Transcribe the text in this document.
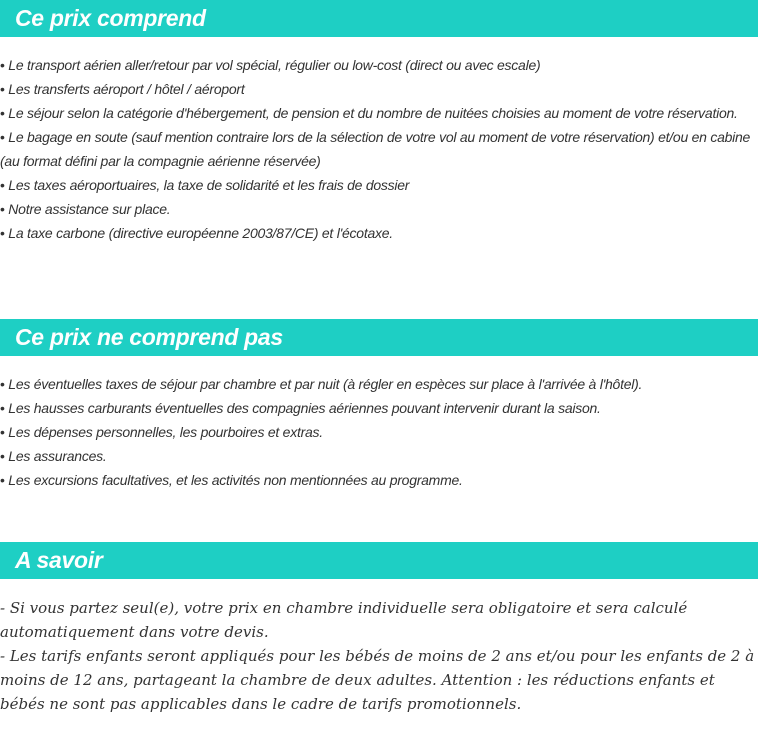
Ce prix comprend
• Le transport aérien aller/retour par vol spécial, régulier ou low-cost (direct ou avec escale)
• Les transferts aéroport / hôtel / aéroport
• Le séjour selon la catégorie d'hébergement, de pension et du nombre de nuitées choisies au moment de votre réservation.
• Le bagage en soute (sauf mention contraire lors de la sélection de votre vol au moment de votre réservation) et/ou en cabine (au format défini par la compagnie aérienne réservée)
• Les taxes aéroportuaires, la taxe de solidarité et les frais de dossier
• Notre assistance sur place.
• La taxe carbone (directive européenne 2003/87/CE) et l'écotaxe.
Ce prix ne comprend pas
• Les éventuelles taxes de séjour par chambre et par nuit (à régler en espèces sur place à l'arrivée à l'hôtel).
• Les hausses carburants éventuelles des compagnies aériennes pouvant intervenir durant la saison.
• Les dépenses personnelles, les pourboires et extras.
• Les assurances.
• Les excursions facultatives, et les activités non mentionnées au programme.
A savoir

- Si vous partez seul(e), votre prix en chambre individuelle sera obligatoire et sera calculé automatiquement dans votre devis.

- Les tarifs enfants seront appliqués pour les bébés de moins de 2 ans et/ou pour les enfants de 2 à moins de 12 ans, partageant la chambre de deux adultes. Attention : les réductions enfants et bébés ne sont pas applicables dans le cadre de tarifs promotionnels.
